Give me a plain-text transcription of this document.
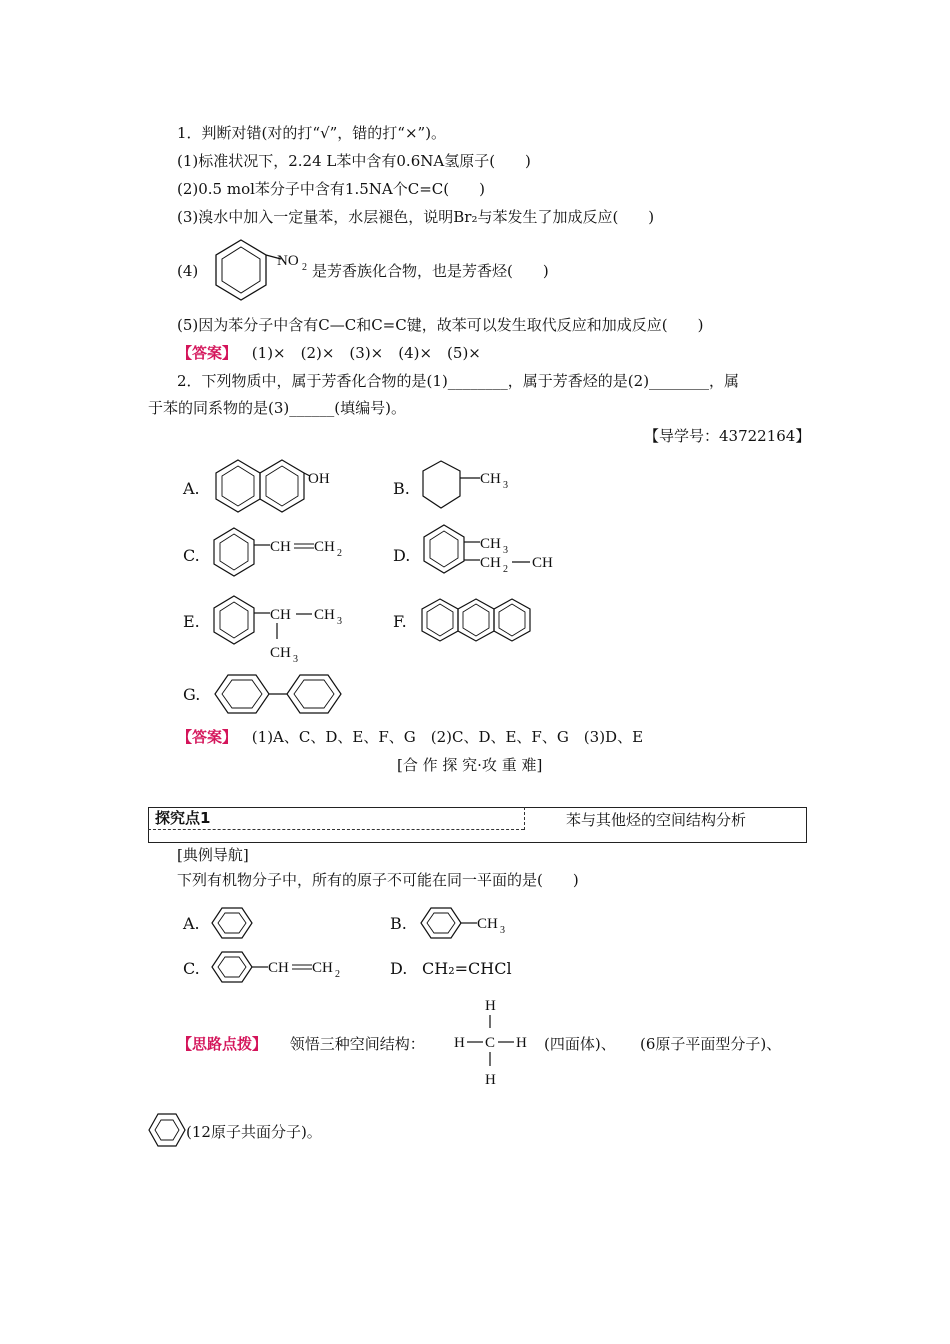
1．判断对错(对的打“√”，错的打“×”)。
(1)标准状况下，2.24 L苯中含有0.6NA氢原子(　　)
(2)0.5 mol苯分子中含有1.5NA个C=C(　　)
(3)溴水中加入一定量苯，水层褪色，说明Br₂与苯发生了加成反应(　　)
(4)
NO 2 是芳香族化合物，也是芳香烃(　　)
(5)因为苯分子中含有C—C和C=C键，故苯可以发生取代反应和加成反应(　　)
【答案】 (1)×　(2)×　(3)×　(4)×　(5)×
2．下列物质中，属于芳香化合物的是(1)________，属于芳香烃的是(2)________，属
于苯的同系物的是(3)______(填编号)。
【导学号：43722164】
A.	OH	B.	CH 3
C.	CH CH 2	D.
CH 3
CH 2 CH
E.	CH CH 3
CH 3
F.
G.
【答案】 (1)A、C、D、E、F、G　(2)C、D、E、F、G　(3)D、E
[合 作 探 究·攻 重 难]
探究点1	苯与其他烃的空间结构分析
[典例导航]
下列有机物分子中，所有的原子不可能在同一平面的是(　　)
A.	B.	CH 3
C.	CH CH 2	D. CH₂=CHCl
【思路点拨】 领悟三种空间结构：
H
H C H
H
(四面体)、 (6原子平面型分子)、
(12原子共面分子)。
